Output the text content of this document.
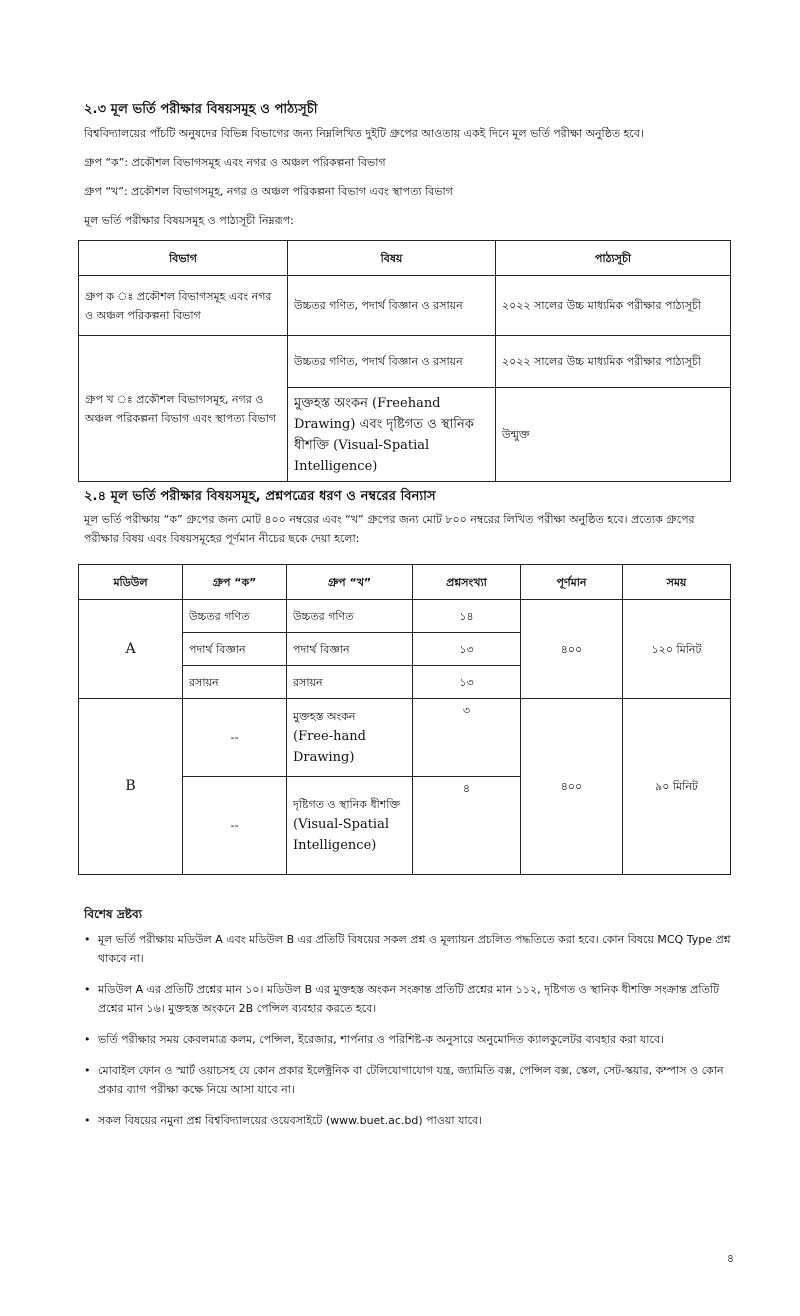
২.৩ মূল ভর্তি পরীক্ষার বিষয়সমূহ ও পাঠ্যসূচী

বিশ্ববিদ্যালয়ের পাঁচটি অনুষদের বিভিন্ন বিভাগের জন্য নিম্নলিখিত দুইটি গ্রুপের আওতায় একই দিনে মূল ভর্তি পরীক্ষা অনুষ্ঠিত হবে।

গ্রুপ “ক”: প্রকৌশল বিভাগসমূহ এবং নগর ও অঞ্চল পরিকল্পনা বিভাগ

গ্রুপ “খ”: প্রকৌশল বিভাগসমূহ, নগর ও অঞ্চল পরিকল্পনা বিভাগ এবং স্থাপত্য বিভাগ

মূল ভর্তি পরীক্ষার বিষয়সমূহ ও পাঠ্যসূচী নিম্নরূপ:

বিভাগ	বিষয়	পাঠ্যসূচী
গ্রুপ ক ঃ প্রকৌশল বিভাগসমূহ এবং নগর ও অঞ্চল পরিকল্পনা বিভাগ	উচ্চতর গণিত, পদার্থ বিজ্ঞান ও রসায়ন	২০২২ সালের উচ্চ মাধ্যমিক পরীক্ষার পাঠ্যসূচী
গ্রুপ খ ঃ প্রকৌশল বিভাগসমূহ, নগর ও অঞ্চল পরিকল্পনা বিভাগ এবং স্থাপত্য বিভাগ	উচ্চতর গণিত, পদার্থ বিজ্ঞান ও রসায়ন	২০২২ সালের উচ্চ মাধ্যমিক পরীক্ষার পাঠ্যসূচী
	মুক্তহস্ত অংকন (Freehand Drawing) এবং দৃষ্টিগত ও স্থানিক ধীশক্তি (Visual-Spatial Intelligence)	উন্মুক্ত
২.৪ মূল ভর্তি পরীক্ষার বিষয়সমূহ, প্রশ্নপত্রের ধরণ ও নম্বরের বিন্যাস

মূল ভর্তি পরীক্ষায় “ক” গ্রুপের জন্য মোট ৪০০ নম্বরের এবং “খ” গ্রুপের জন্য মোট ৮০০ নম্বরের লিখিত পরীক্ষা অনুষ্ঠিত হবে। প্রত্যেক গ্রুপের পরীক্ষার বিষয় এবং বিষয়সমূহের পূর্ণমান নীচের ছকে দেয়া হলো:

মডিউল	গ্রুপ “ক”	গ্রুপ “খ”	প্রশ্নসংখ্যা	পূর্ণমান	সময়
A	উচ্চতর গণিত	উচ্চতর গণিত	১৪	৪০০	১২০ মিনিট
	পদার্থ বিজ্ঞান	পদার্থ বিজ্ঞান	১৩		
	রসায়ন	রসায়ন	১৩		
B	--	মুক্তহস্ত অংকন
(Free-hand Drawing)	৩	৪০০	৯০ মিনিট
	--	দৃষ্টিগত ও স্থানিক ধীশক্তি
(Visual-Spatial Intelligence)	৪		
বিশেষ দ্রষ্টব্য
• মূল ভর্তি পরীক্ষায় মডিউল A এবং মডিউল B এর প্রতিটি বিষয়ের সকল প্রশ্ন ও মূল্যায়ন প্রচলিত পদ্ধতিতে করা হবে। কোন বিষয়ে MCQ Type প্রশ্ন থাকবে না।
• মডিউল A এর প্রতিটি প্রশ্নের মান ১০। মডিউল B এর মুক্তহস্ত অংকন সংক্রান্ত প্রতিটি প্রশ্নের মান ১১২, দৃষ্টিগত ও স্থানিক ধীশক্তি সংক্রান্ত প্রতিটি প্রশ্নের মান ১৬। মুক্তহস্ত অংকনে 2B পেন্সিল ব্যবহার করতে হবে।
• ভর্তি পরীক্ষার সময় কেবলমাত্র কলম, পেন্সিল, ইরেজার, শার্পনার ও পরিশিষ্ট-ক অনুসারে অনুমোদিত ক্যালকুলেটর ব্যবহার করা যাবে।
• মোবাইল ফোন ও স্মার্ট ওয়াচসহ যে কোন প্রকার ইলেক্ট্রনিক বা টেলিযোগাযোগ যন্ত্র, জ্যামিতি বক্স, পেন্সিল বক্স, স্কেল, সেট-স্কয়ার, কম্পাস ও কোন প্রকার ব্যাগ পরীক্ষা কক্ষে নিয়ে আসা যাবে না।
• সকল বিষয়ের নমুনা প্রশ্ন বিশ্ববিদ্যালয়ের ওয়েবসাইটে (www.buet.ac.bd) পাওয়া যাবে।
৪
